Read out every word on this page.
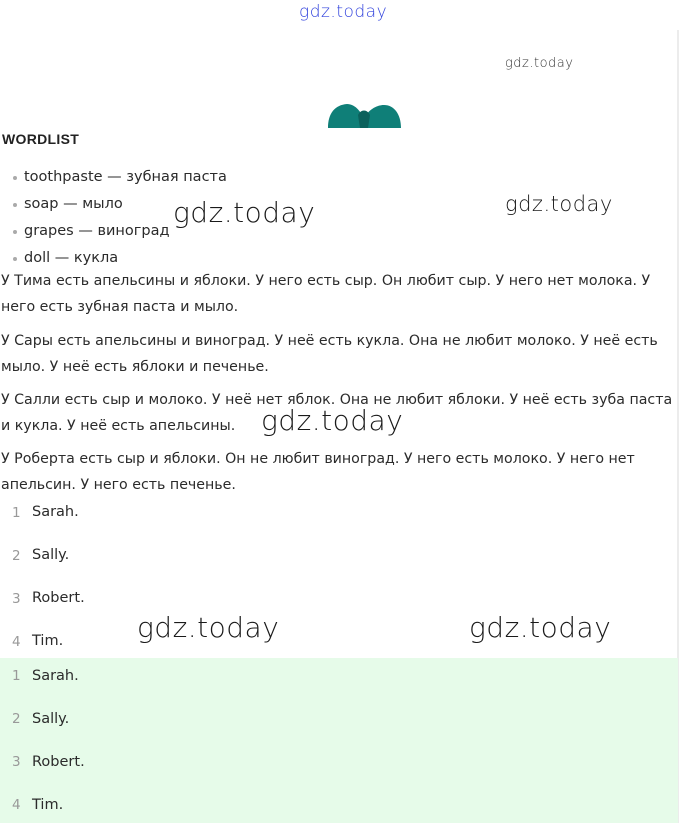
gdz.today
gdz.today
WORDLIST
toothpaste — зубная паста
soap — мыло
grapes — виноград
doll — кукла

У Тима есть апельсины и яблоки. У него есть сыр. Он любит сыр. У него нет молока. У него есть зубная паста и мыло.

У Сары есть апельсины и виноград. У неё есть кукла. Она не любит молоко. У неё есть мыло. У неё есть яблоки и печенье.

У Салли есть сыр и молоко. У неё нет яблок. Она не любит яблоки. У неё есть зуба паста и кукла. У неё есть апельсины.

У Роберта есть сыр и яблоки. Он не любит виноград. У него есть молоко. У него нет апельсин. У него есть печенье.

1 Sarah.
2 Sally.
3 Robert.
4 Tim.
1 Sarah.
2 Sally.
3 Robert.
4 Tim.
gdz.today	gdz.today
gdz.today
gdz.today	gdz.today
